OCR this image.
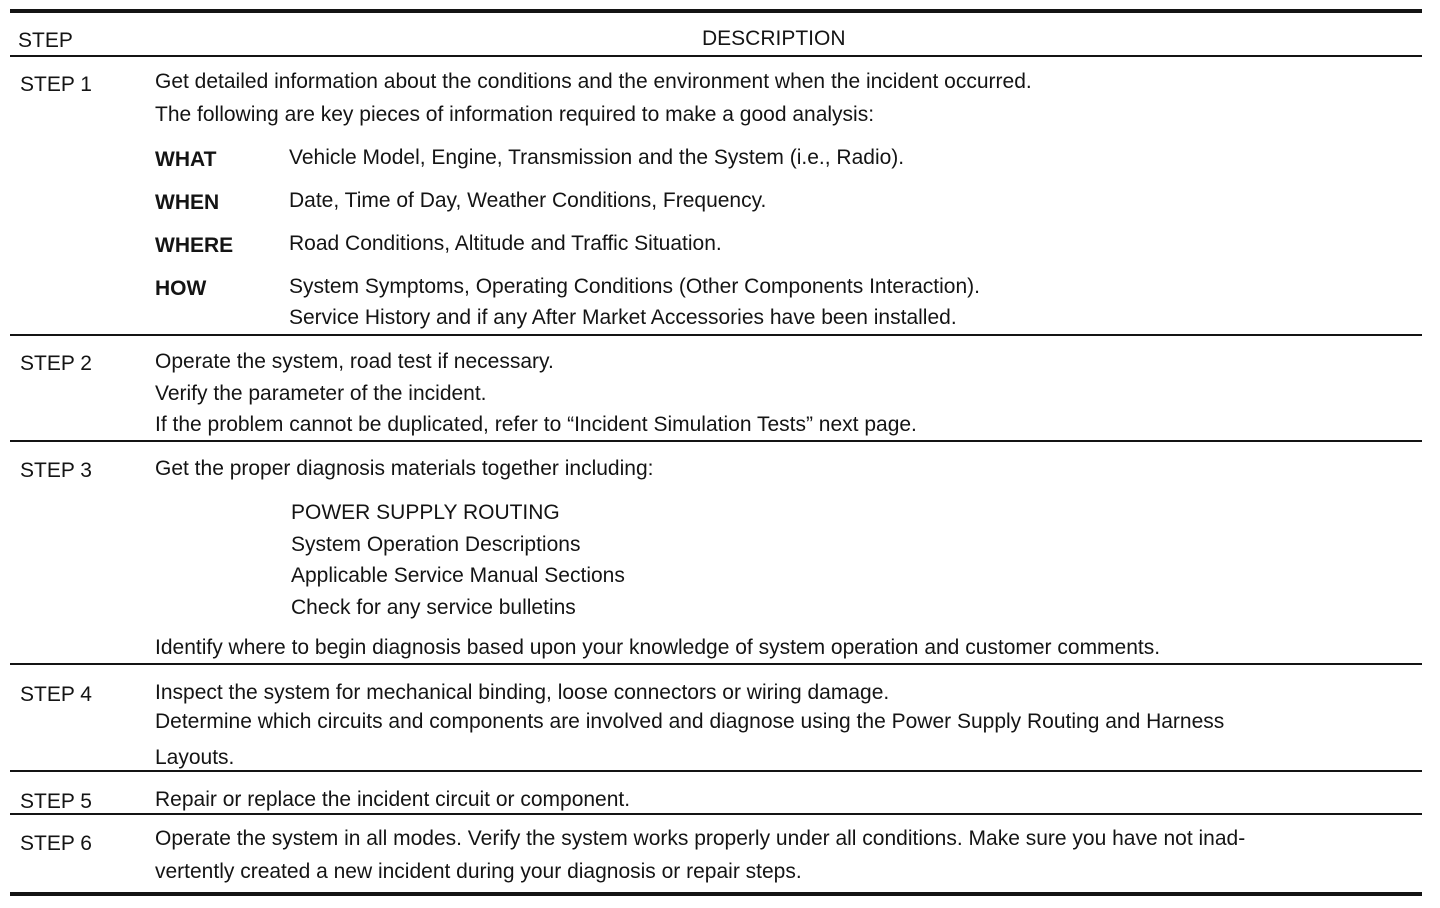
STEP	DESCRIPTION
STEP 1	Get detailed information about the conditions and the environment when the incident occurred.
The following are key pieces of information required to make a good analysis:
WHAT	Vehicle Model, Engine, Transmission and the System (i.e., Radio).
WHEN	Date, Time of Day, Weather Conditions, Frequency.
WHERE	Road Conditions, Altitude and Traffic Situation.
HOW	System Symptoms, Operating Conditions (Other Components Interaction).
Service History and if any After Market Accessories have been installed.
STEP 2	Operate the system, road test if necessary.
Verify the parameter of the incident.
If the problem cannot be duplicated, refer to “Incident Simulation Tests” next page.
STEP 3	Get the proper diagnosis materials together including:
POWER SUPPLY ROUTING
System Operation Descriptions
Applicable Service Manual Sections
Check for any service bulletins
Identify where to begin diagnosis based upon your knowledge of system operation and customer comments.
STEP 4	Inspect the system for mechanical binding, loose connectors or wiring damage.
Determine which circuits and components are involved and diagnose using the Power Supply Routing and Harness
Layouts.
STEP 5	Repair or replace the incident circuit or component.
STEP 6	Operate the system in all modes. Verify the system works properly under all conditions. Make sure you have not inad-
vertently created a new incident during your diagnosis or repair steps.
